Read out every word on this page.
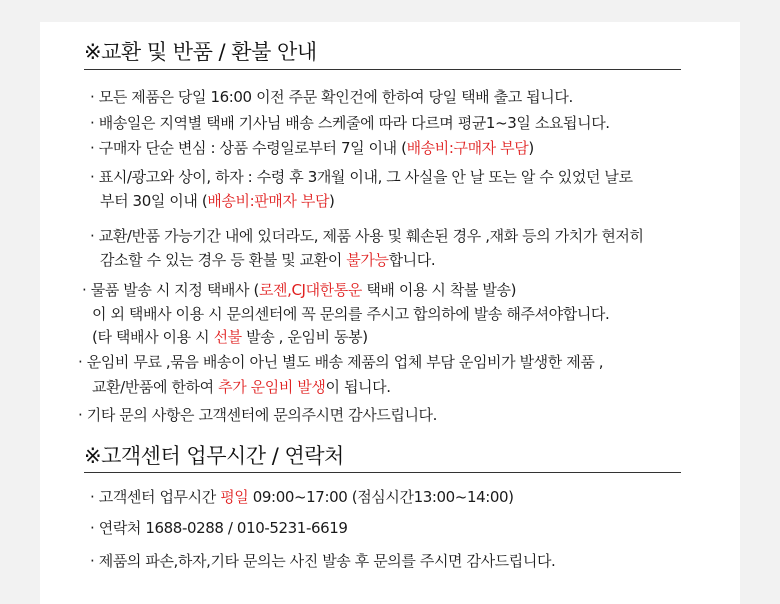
※교환 및 반품 / 환불 안내
· 모든 제품은 당일 16:00 이전 주문 확인건에 한하여 당일 택배 출고 됩니다.
· 배송일은 지역별 택배 기사님 배송 스케줄에 따라 다르며 평균1~3일 소요됩니다.
· 구매자 단순 변심 : 상품 수령일로부터 7일 이내 (배송비:구매자 부담)
· 표시/광고와 상이, 하자 : 수령 후 3개월 이내, 그 사실을 안 날 또는 알 수 있었던 날로
부터 30일 이내 (배송비:판매자 부담)
· 교환/반품 가능기간 내에 있더라도, 제품 사용 및 훼손된 경우 ,재화 등의 가치가 현저히
감소할 수 있는 경우 등 환불 및 교환이 불가능합니다.
· 물품 발송 시 지정 택배사 (로젠,CJ대한통운 택배 이용 시 착불 발송)
이 외 택배사 이용 시 문의센터에 꼭 문의를 주시고 합의하에 발송 해주셔야합니다.
(타 택배사 이용 시 선불 발송 , 운임비 동봉)
· 운임비 무료 ,묶음 배송이 아닌 별도 배송 제품의 업체 부담 운임비가 발생한 제품 ,
교환/반품에 한하여 추가 운임비 발생이 됩니다.
· 기타 문의 사항은 고객센터에 문의주시면 감사드립니다.
※고객센터 업무시간 / 연락처
· 고객센터 업무시간 평일 09:00~17:00 (점심시간13:00~14:00)
· 연락처 1688-0288 / 010-5231-6619
· 제품의 파손,하자,기타 문의는 사진 발송 후 문의를 주시면 감사드립니다.
